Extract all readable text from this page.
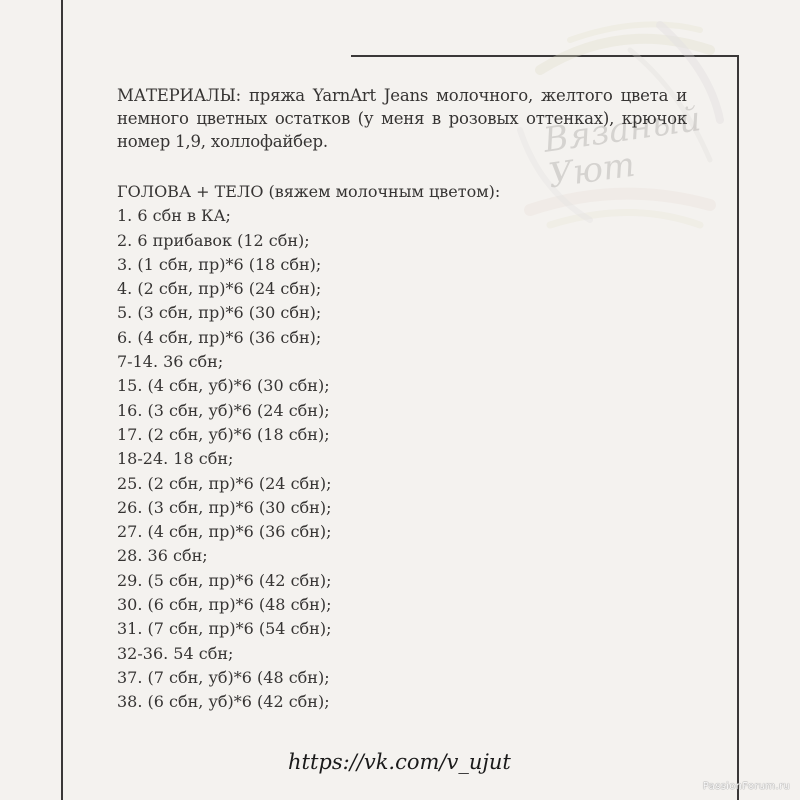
Вязаный Уют
МАТЕРИАЛЫ: пряжа YarnArt Jeans молочного, желтого цвета и немного цветных остатков (у меня в розовых оттенках), крючок номер 1,9, холлофайбер.
ГОЛОВА + ТЕЛО (вяжем молочным цветом):
1. 6 сбн в КА;
2. 6 прибавок (12 сбн);
3. (1 сбн, пр)*6 (18 сбн);
4. (2 сбн, пр)*6 (24 сбн);
5. (3 сбн, пр)*6 (30 сбн);
6. (4 сбн, пр)*6 (36 сбн);
7-14. 36 сбн;
15. (4 сбн, уб)*6 (30 сбн);
16. (3 сбн, уб)*6 (24 сбн);
17. (2 сбн, уб)*6 (18 сбн);
18-24. 18 сбн;
25. (2 сбн, пр)*6 (24 сбн);
26. (3 сбн, пр)*6 (30 сбн);
27. (4 сбн, пр)*6 (36 сбн);
28. 36 сбн;
29. (5 сбн, пр)*6 (42 сбн);
30. (6 сбн, пр)*6 (48 сбн);
31. (7 сбн, пр)*6 (54 сбн);
32-36. 54 сбн;
37. (7 сбн, уб)*6 (48 сбн);
38. (6 сбн, уб)*6 (42 сбн);
https://vk.com/v_ujut
PassionForum.ru
